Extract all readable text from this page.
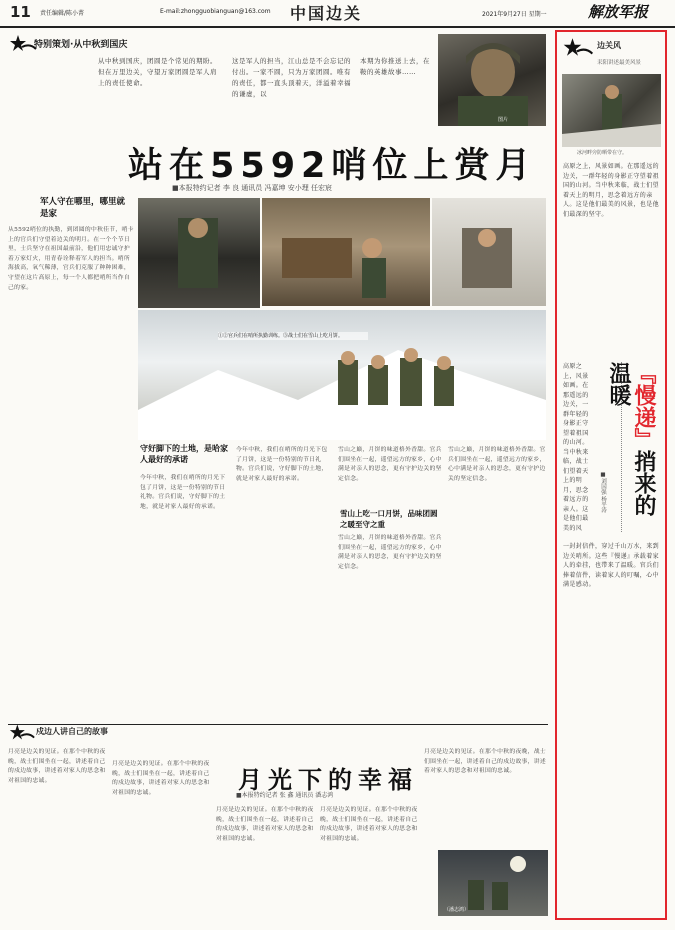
11 责任编辑/陈小菁	E-mail:zhongguobianguan@163.com 中国边关	2021年9月27日 星期一	解放军报
特别策划·从中秋到国庆
从中秋到国庆，团圆是个常见的期盼。但在万里边关，守望万家团圆是军人肩上的责任使命。
这是军人的担当，江山总是不会忘记的付出。一家不圆，只为万家团圆。唯有的责任，都一直头顶着天，洋溢着幸福的谦虚，以
本期为你推送上去，在鞍的英雄故事……
图片
站在5592哨位上赏月
■本报特约记者 李 良 通讯员 冯嘉坤 安小理 任宏宸
军人守在哪里，哪里就是家
从5592哨位的执勤，到团圆的中秋佳节，哨卡上的官兵们守望着边关的明月。在一个个节日里，士兵坚守在祖国最前沿，他们用忠诚守护着万家灯火，用青春诠释着军人的担当。哨所海拔高，氧气稀薄，官兵们克服了种种困难，守望在这片高原上，每一个人都把哨所当作自己的家。
①②官兵们在哨所执勤训练。③战士们在雪山上吃月饼。
守好脚下的土地，是哈家人最好的承诺
今年中秋，我们在哨所的月光下包了月饼，这是一份特别的节日礼物。官兵们说，守好脚下的土地，就是对家人最好的承诺。
今年中秋，我们在哨所的月光下包了月饼，这是一份特别的节日礼物。官兵们说，守好脚下的土地，就是对家人最好的承诺。
雪山上吃一口月饼，品味团圆之暖至守之重
雪山之巅，月饼的味道格外香甜。官兵们围坐在一起，遥望远方的家乡，心中满是对亲人的思念，更有守护边关的坚定信念。
雪山之巅，月饼的味道格外香甜。官兵们围坐在一起，遥望远方的家乡，心中满是对亲人的思念，更有守护边关的坚定信念。
雪山之巅，月饼的味道格外香甜。官兵们围坐在一起，遥望远方的家乡，心中满是对亲人的思念，更有守护边关的坚定信念。
戍边人讲自己的故事
月光下的幸福
■本报特约记者 张 鑫 通讯员 潘志鸿
月亮是边关的见证。在那个中秋的夜晚，战士们围坐在一起，讲述着自己的戍边故事，讲述着对家人的思念和对祖国的忠诚。
月亮是边关的见证。在那个中秋的夜晚，战士们围坐在一起，讲述着自己的戍边故事，讲述着对家人的思念和对祖国的忠诚。
月亮是边关的见证。在那个中秋的夜晚，战士们围坐在一起，讲述着自己的戍边故事，讲述着对家人的思念和对祖国的忠诚。
月亮是边关的见证。在那个中秋的夜晚，战士们围坐在一起，讲述着自己的戍边故事，讲述着对家人的思念和对祖国的忠诚。
月亮是边关的见证。在那个中秋的夜晚，战士们围坐在一起，讲述着自己的戍边故事，讲述着对家人的思念和对祖国的忠诚。
（潘志鸿）
边关风
耒阳讲述最美风景
冰河畔旁防晒带在守。
高原之上，风景如画。在那遥远的边关，一群年轻的身影正守望着祖国的山河。当中秋来临，战士们望着天上的明月，思念着远方的亲人。这是他们最美的风景，也是他们最深的坚守。
高原之上，风景如画。在那遥远的边关，一群年轻的身影正守望着祖国的山河。当中秋来临，战士们望着天上的明月，思念着远方的亲人。这是他们最美的风
『慢递』捎来的温暖
■刘国强 杨平涛
一封封信件，穿过千山万水，来到边关哨所。这些『慢递』承载着家人的牵挂，也带来了温暖。官兵们捧着信件，读着家人的叮嘱，心中满是感动。
